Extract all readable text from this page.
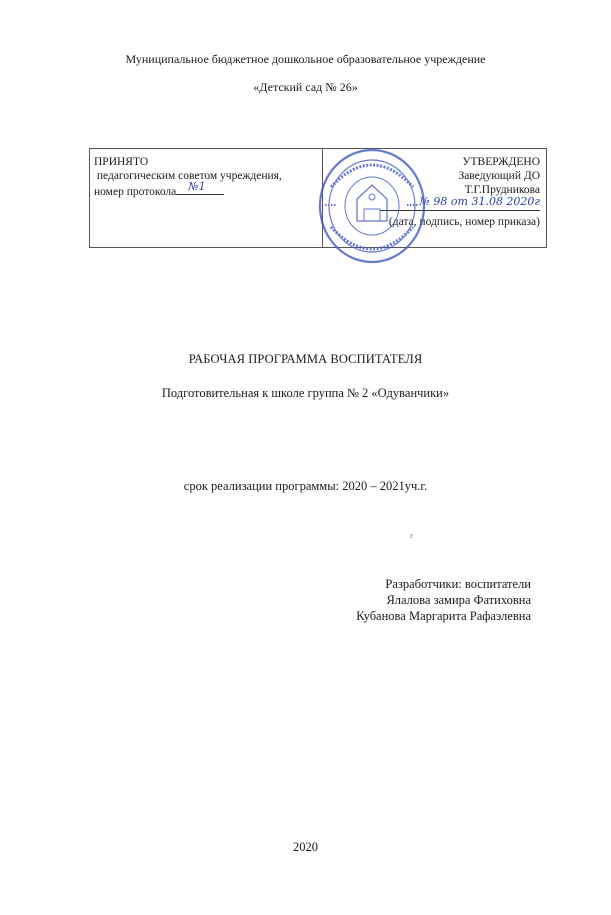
Муниципальное бюджетное дошкольное образовательное учреждение
«Детский сад № 26»
ПРИНЯТО
педагогическим советом учреждения,
номер протокола №1
УТВЕРЖДЕНО
Заведующий ДО
Т.Г.Прудникова
№ 98 от 31.08 2020г
(дата, подпись, номер приказа)
РАБОЧАЯ ПРОГРАММА ВОСПИТАТЕЛЯ
Подготовительная к школе группа № 2 «Одуванчики»
срок реализации программы: 2020 – 2021уч.г.
ε
Разработчики: воспитатели
Ялалова замира Фатиховна
Кубанова Маргарита Рафаэлевна
2020
